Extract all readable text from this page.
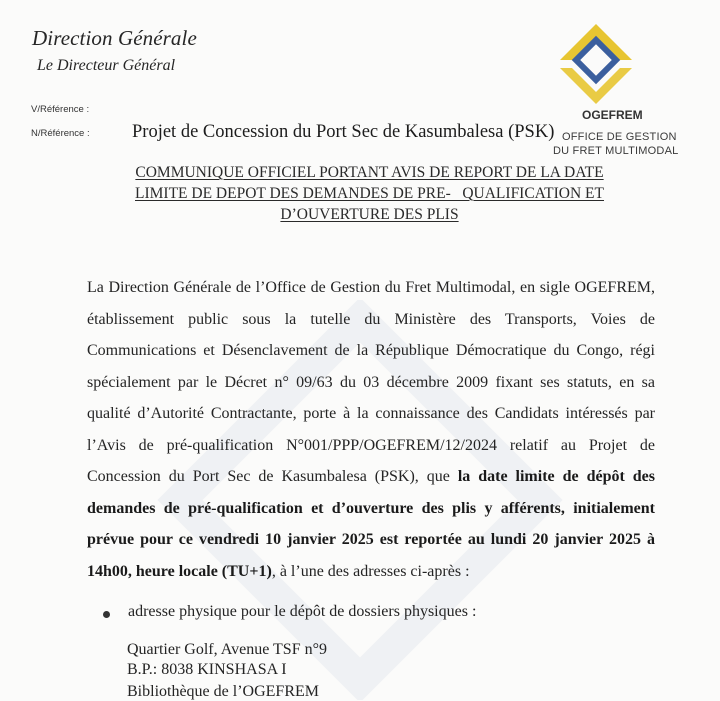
Direction Générale
Le Directeur Général
V/Référence :
N/Référence :
OGEFREM
OFFICE DE GESTION
DU FRET MULTIMODAL
Projet de Concession du Port Sec de Kasumbalesa (PSK)
COMMUNIQUE OFFICIEL PORTANT AVIS DE REPORT DE LA DATE
LIMITE DE DEPOT DES DEMANDES DE PRE-   QUALIFICATION ET
D’OUVERTURE DES PLIS
La Direction Générale de l’Office de Gestion du Fret Multimodal, en sigle OGEFREM, établissement public sous la tutelle du Ministère des Transports, Voies de Communications et Désenclavement de la République Démocratique du Congo, régi spécialement par le Décret n° 09/63 du 03 décembre 2009 fixant ses statuts, en sa qualité d’Autorité Contractante, porte à la connaissance des Candidats intéressés par l’Avis de pré-qualification N°001/PPP/OGEFREM/12/2024 relatif au Projet de Concession du Port Sec de Kasumbalesa (PSK), que la date limite de dépôt des demandes de pré-qualification et d’ouverture des plis y afférents, initialement prévue pour ce vendredi 10 janvier 2025 est reportée au lundi 20 janvier 2025 à 14h00, heure locale (TU+1), à l’une des adresses ci-après :
adresse physique pour le dépôt de dossiers physiques :
Quartier Golf, Avenue TSF n°9
B.P.: 8038 KINSHASA I
Bibliothèque de l’OGEFREM
